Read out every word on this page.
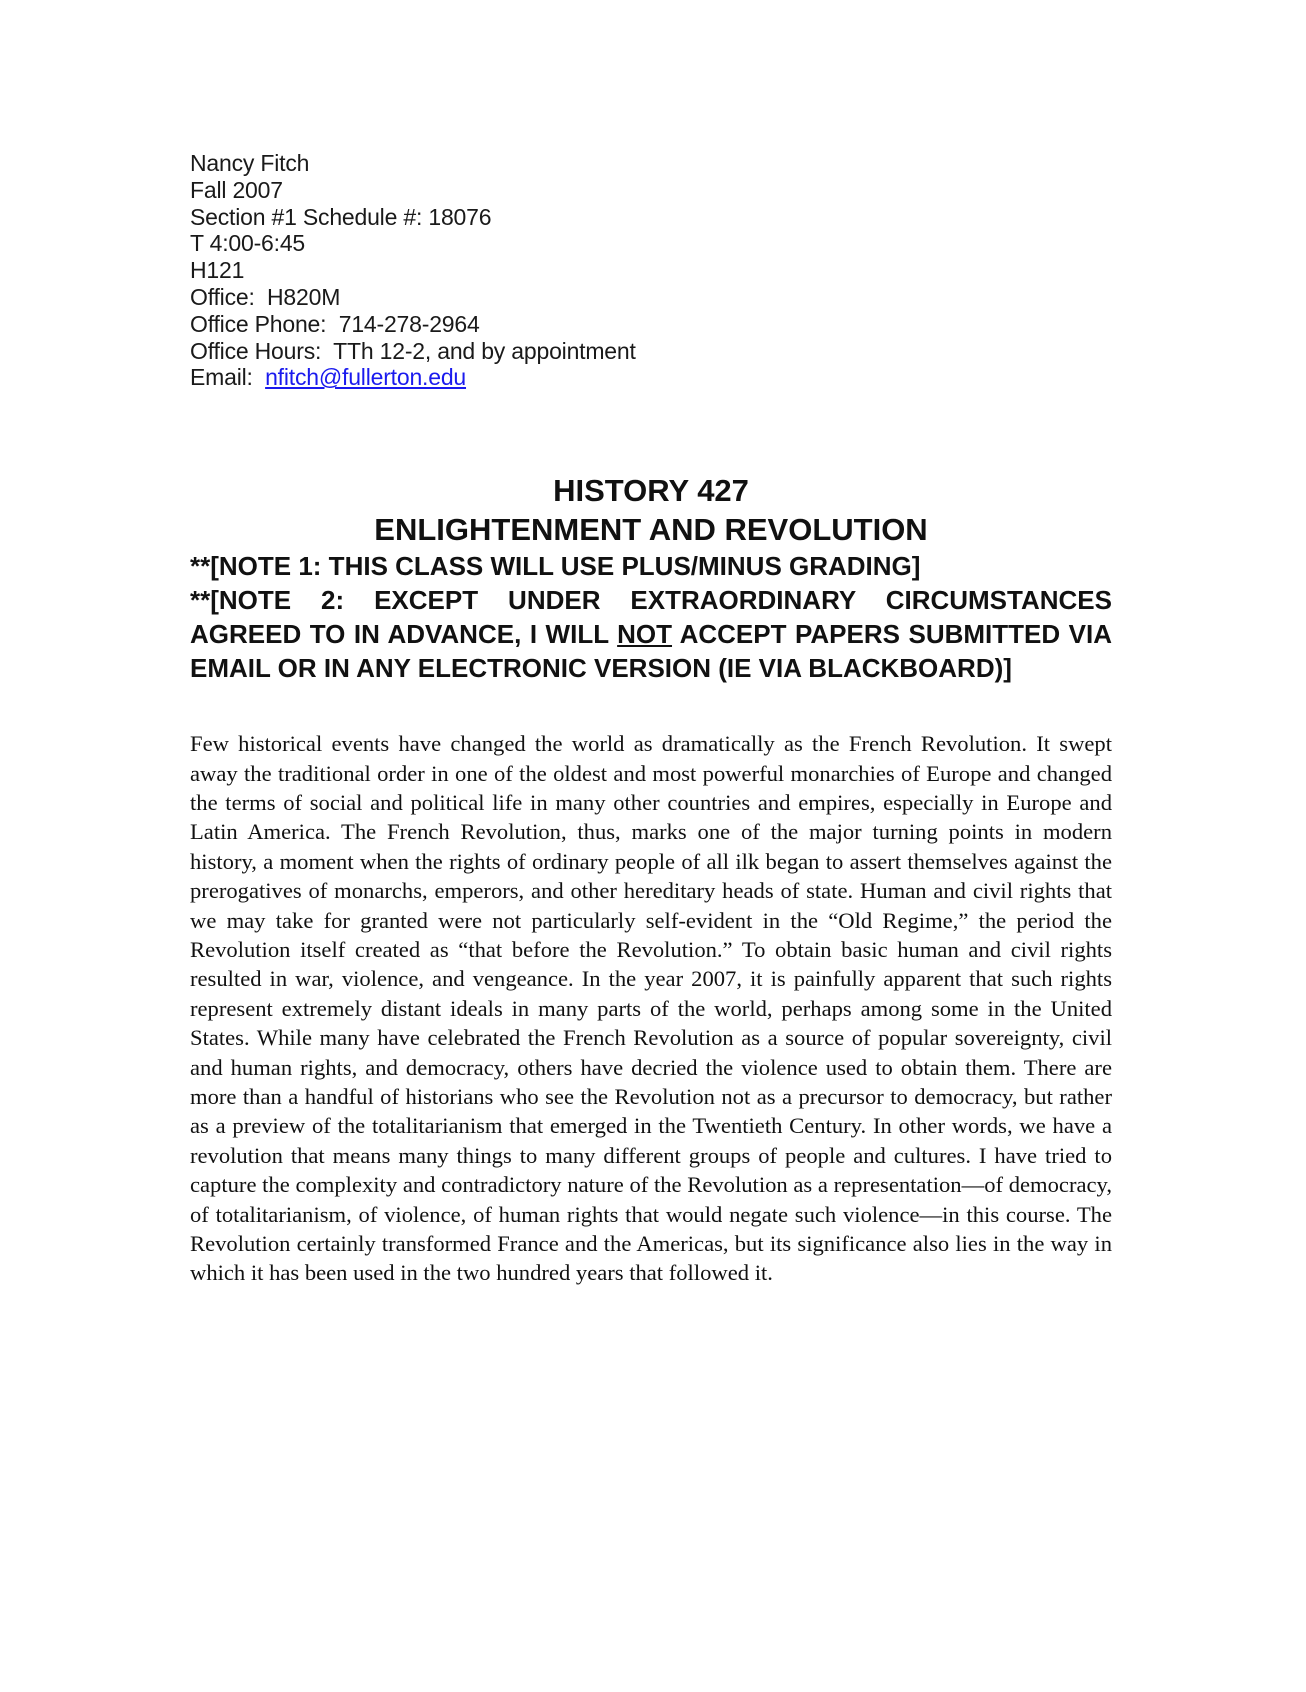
Nancy Fitch
Fall 2007
Section #1 Schedule #: 18076
T 4:00-6:45
H121
Office:  H820M
Office Phone:  714-278-2964
Office Hours:  TTh 12-2, and by appointment
Email:  nfitch@fullerton.edu
HISTORY 427
ENLIGHTENMENT AND REVOLUTION
**[NOTE 1: THIS CLASS WILL USE PLUS/MINUS GRADING]
**[NOTE 2: EXCEPT UNDER EXTRAORDINARY CIRCUMSTANCES AGREED TO IN ADVANCE, I WILL NOT ACCEPT PAPERS SUBMITTED VIA EMAIL OR IN ANY ELECTRONIC VERSION (IE VIA BLACKBOARD)]
Few historical events have changed the world as dramatically as the French Revolution. It swept away the traditional order in one of the oldest and most powerful monarchies of Europe and changed the terms of social and political life in many other countries and empires, especially in Europe and Latin America. The French Revolution, thus, marks one of the major turning points in modern history, a moment when the rights of ordinary people of all ilk began to assert themselves against the prerogatives of monarchs, emperors, and other hereditary heads of state. Human and civil rights that we may take for granted were not particularly self-evident in the “Old Regime,” the period the Revolution itself created as “that before the Revolution.” To obtain basic human and civil rights resulted in war, violence, and vengeance. In the year 2007, it is painfully apparent that such rights represent extremely distant ideals in many parts of the world, perhaps among some in the United States. While many have celebrated the French Revolution as a source of popular sovereignty, civil and human rights, and democracy, others have decried the violence used to obtain them. There are more than a handful of historians who see the Revolution not as a precursor to democracy, but rather as a preview of the totalitarianism that emerged in the Twentieth Century. In other words, we have a revolution that means many things to many different groups of people and cultures. I have tried to capture the complexity and contradictory nature of the Revolution as a representation—of democracy, of totalitarianism, of violence, of human rights that would negate such violence—in this course. The Revolution certainly transformed France and the Americas, but its significance also lies in the way in which it has been used in the two hundred years that followed it.
